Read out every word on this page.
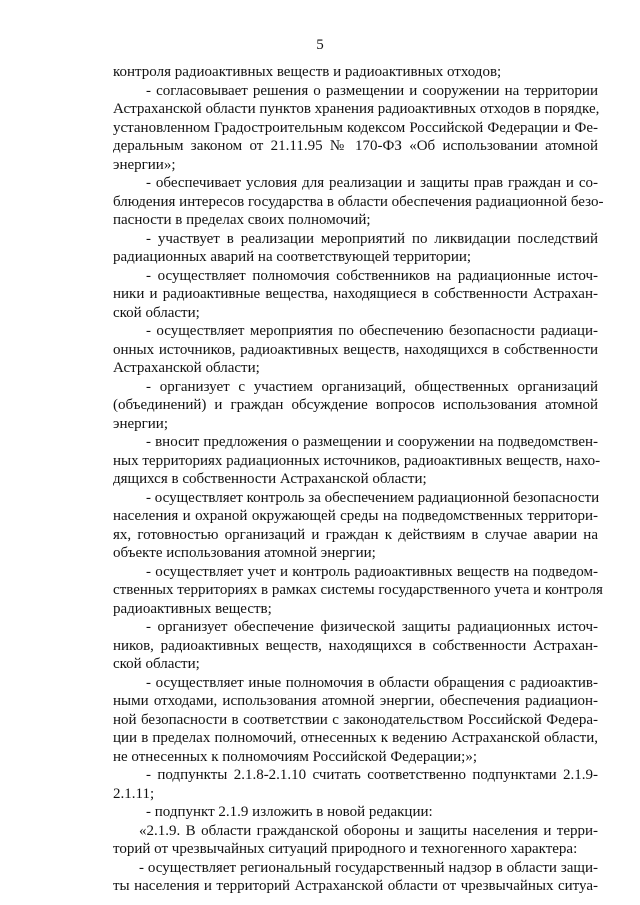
5
контроля радиоактивных веществ и радиоактивных отходов;
- согласовывает решения о размещении и сооружении на территории
Астраханской области пунктов хранения радиоактивных отходов в порядке,
установленном Градостроительным кодексом Российской Федерации и Фе-
деральным законом от 21.11.95 № 170-ФЗ «Об использовании атомной
энергии»;
- обеспечивает условия для реализации и защиты прав граждан и со-
блюдения интересов государства в области обеспечения радиационной безо-
пасности в пределах своих полномочий;
- участвует в реализации мероприятий по ликвидации последствий
радиационных аварий на соответствующей территории;
- осуществляет полномочия собственников на радиационные источ-
ники и радиоактивные вещества, находящиеся в собственности Астрахан-
ской области;
- осуществляет мероприятия по обеспечению безопасности радиаци-
онных источников, радиоактивных веществ, находящихся в собственности
Астраханской области;
- организует с участием организаций, общественных организаций
(объединений) и граждан обсуждение вопросов использования атомной
энергии;
- вносит предложения о размещении и сооружении на подведомствен-
ных территориях радиационных источников, радиоактивных веществ, нахо-
дящихся в собственности Астраханской области;
- осуществляет контроль за обеспечением радиационной безопасности
населения и охраной окружающей среды на подведомственных территори-
ях, готовностью организаций и граждан к действиям в случае аварии на
объекте использования атомной энергии;
- осуществляет учет и контроль радиоактивных веществ на подведом-
ственных территориях в рамках системы государственного учета и контроля
радиоактивных веществ;
- организует обеспечение физической защиты радиационных источ-
ников, радиоактивных веществ, находящихся в собственности Астрахан-
ской области;
- осуществляет иные полномочия в области обращения с радиоактив-
ными отходами, использования атомной энергии, обеспечения радиацион-
ной безопасности в соответствии с законодательством Российской Федера-
ции в пределах полномочий, отнесенных к ведению Астраханской области,
не отнесенных к полномочиям Российской Федерации;»;
- подпункты 2.1.8-2.1.10 считать соответственно подпунктами 2.1.9-
2.1.11;
- подпункт 2.1.9 изложить в новой редакции:
«2.1.9. В области гражданской обороны и защиты населения и терри-
торий от чрезвычайных ситуаций природного и техногенного характера:
- осуществляет региональный государственный надзор в области защи-
ты населения и территорий Астраханской области от чрезвычайных ситуа-
